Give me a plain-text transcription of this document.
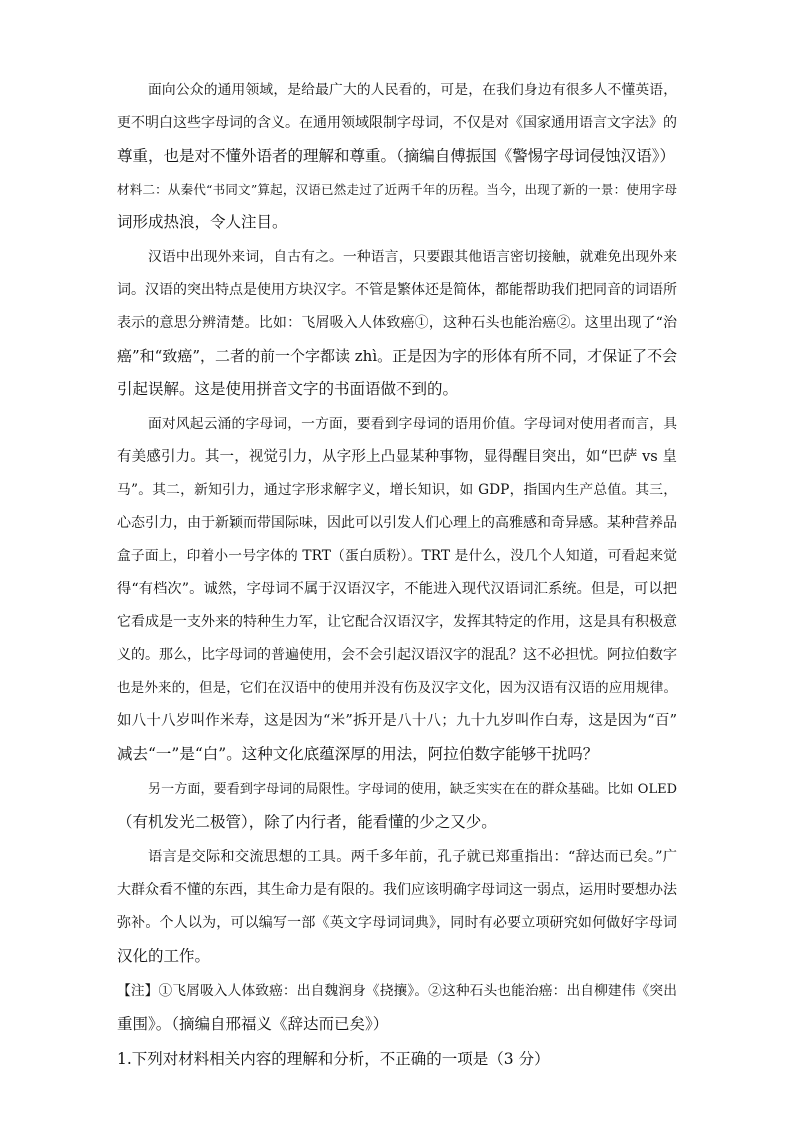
面向公众的通用领域，是给最广大的人民看的，可是，在我们身边有很多人不懂英语，
更不明白这些字母词的含义。在通用领域限制字母词，不仅是对《国家通用语言文字法》的
尊重，也是对不懂外语者的理解和尊重。（摘编自傅振国《警惕字母词侵蚀汉语》）
材料二：从秦代“书同文”算起，汉语已然走过了近两千年的历程。当今，出现了新的一景：使用字母
词形成热浪，令人注目。
汉语中出现外来词，自古有之。一种语言，只要跟其他语言密切接触，就难免出现外来
词。汉语的突出特点是使用方块汉字。不管是繁体还是简体，都能帮助我们把同音的词语所
表示的意思分辨清楚。比如：飞屑吸入人体致癌①，这种石头也能治癌②。这里出现了“治
癌”和“致癌”，二者的前一个字都读 zhì。正是因为字的形体有所不同，才保证了不会
引起误解。这是使用拼音文字的书面语做不到的。
面对风起云涌的字母词，一方面，要看到字母词的语用价值。字母词对使用者而言，具
有美感引力。其一，视觉引力，从字形上凸显某种事物，显得醒目突出，如“巴萨 vs 皇
马”。其二，新知引力，通过字形求解字义，增长知识，如 GDP，指国内生产总值。其三，
心态引力，由于新颖而带国际味，因此可以引发人们心理上的高雅感和奇异感。某种营养品
盒子面上，印着小一号字体的 TRT（蛋白质粉）。TRT 是什么，没几个人知道，可看起来觉
得“有档次”。诚然，字母词不属于汉语汉字，不能进入现代汉语词汇系统。但是，可以把
它看成是一支外来的特种生力军，让它配合汉语汉字，发挥其特定的作用，这是具有积极意
义的。那么，比字母词的普遍使用，会不会引起汉语汉字的混乱？这不必担忧。阿拉伯数字
也是外来的，但是，它们在汉语中的使用并没有伤及汉字文化，因为汉语有汉语的应用规律。
如八十八岁叫作米寿，这是因为“米”拆开是八十八；九十九岁叫作白寿，这是因为“百”
减去“一”是“白”。这种文化底蕴深厚的用法，阿拉伯数字能够干扰吗？
另一方面，要看到字母词的局限性。字母词的使用，缺乏实实在在的群众基础。比如 OLED
（有机发光二极管），除了内行者，能看懂的少之又少。
语言是交际和交流思想的工具。两千多年前，孔子就已郑重指出：“辞达而已矣。”广
大群众看不懂的东西，其生命力是有限的。我们应该明确字母词这一弱点，运用时要想办法
弥补。个人以为，可以编写一部《英文字母词词典》，同时有必要立项研究如何做好字母词
汉化的工作。
【注】①飞屑吸入人体致癌：出自魏润身《挠攘》。②这种石头也能治癌：出自柳建伟《突出
重围》。（摘编自邢福义《辞达而已矣》）
1.下列对材料相关内容的理解和分析，不正确的一项是（3 分）
